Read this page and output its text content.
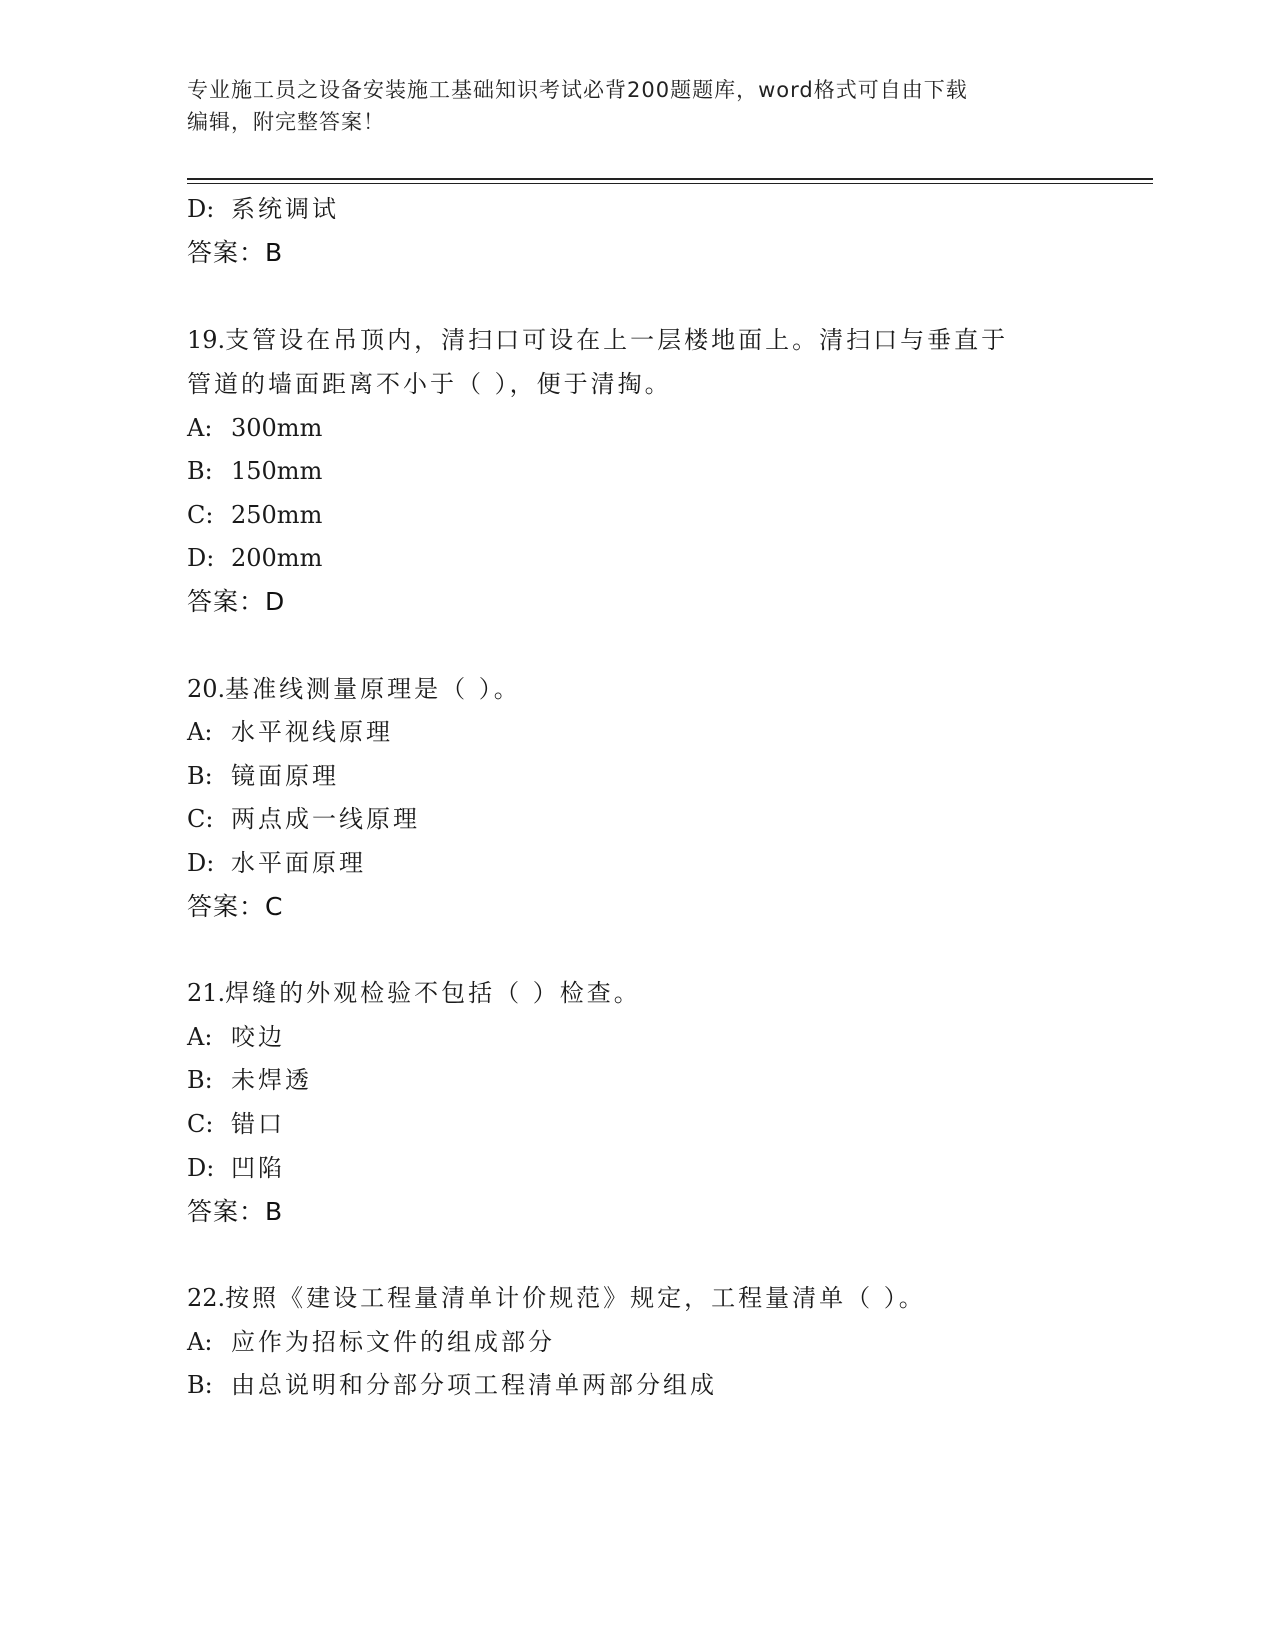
专业施工员之设备安装施工基础知识考试必背200题题库，word格式可自由下载
编辑，附完整答案！
D: 系统调试
答案：B
19.支管设在吊顶内，清扫口可设在上一层楼地面上。清扫口与垂直于
管道的墙面距离不小于（ ），便于清掏。
A: 300mm
B: 150mm
C: 250mm
D: 200mm
答案：D
20.基准线测量原理是（ ）。
A: 水平视线原理
B: 镜面原理
C: 两点成一线原理
D: 水平面原理
答案：C
21.焊缝的外观检验不包括（ ）检查。
A: 咬边
B: 未焊透
C: 错口
D: 凹陷
答案：B
22.按照《建设工程量清单计价规范》规定，工程量清单（ ）。
A: 应作为招标文件的组成部分
B: 由总说明和分部分项工程清单两部分组成
